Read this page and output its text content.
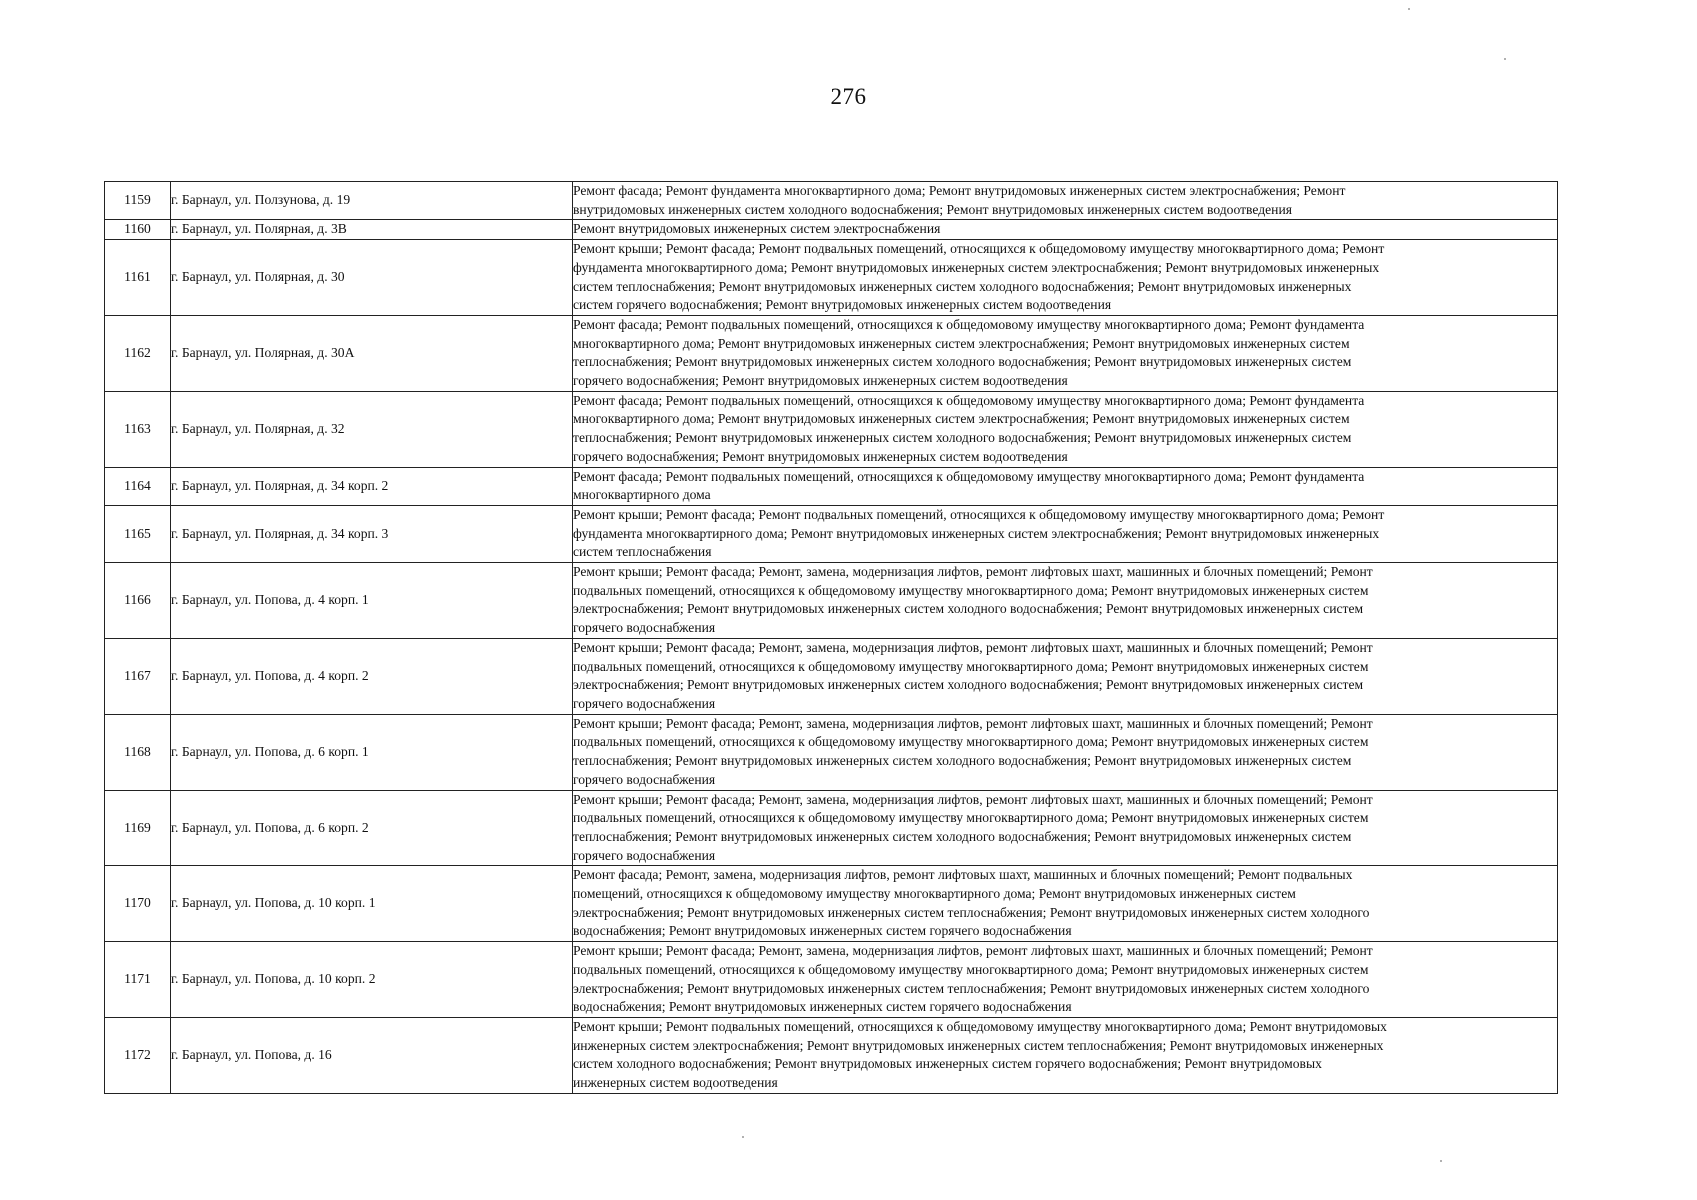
276
1159	г. Барнаул, ул. Ползунова, д. 19	Ремонт фасада; Ремонт фундамента многоквартирного дома; Ремонт внутридомовых инженерных систем электроснабжения; Ремонт
внутридомовых инженерных систем холодного водоснабжения; Ремонт внутридомовых инженерных систем водоотведения

1160	г. Барнаул, ул. Полярная, д. 3В	Ремонт внутридомовых инженерных систем электроснабжения

1161	г. Барнаул, ул. Полярная, д. 30	Ремонт крыши; Ремонт фасада; Ремонт подвальных помещений, относящихся к общедомовому имуществу многоквартирного дома; Ремонт
фундамента многоквартирного дома; Ремонт внутридомовых инженерных систем электроснабжения; Ремонт внутридомовых инженерных
систем теплоснабжения; Ремонт внутридомовых инженерных систем холодного водоснабжения; Ремонт внутридомовых инженерных
систем горячего водоснабжения; Ремонт внутридомовых инженерных систем водоотведения

1162	г. Барнаул, ул. Полярная, д. 30А	Ремонт фасада; Ремонт подвальных помещений, относящихся к общедомовому имуществу многоквартирного дома; Ремонт фундамента
многоквартирного дома; Ремонт внутридомовых инженерных систем электроснабжения; Ремонт внутридомовых инженерных систем
теплоснабжения; Ремонт внутридомовых инженерных систем холодного водоснабжения; Ремонт внутридомовых инженерных систем
горячего водоснабжения; Ремонт внутридомовых инженерных систем водоотведения

1163	г. Барнаул, ул. Полярная, д. 32	Ремонт фасада; Ремонт подвальных помещений, относящихся к общедомовому имуществу многоквартирного дома; Ремонт фундамента
многоквартирного дома; Ремонт внутридомовых инженерных систем электроснабжения; Ремонт внутридомовых инженерных систем
теплоснабжения; Ремонт внутридомовых инженерных систем холодного водоснабжения; Ремонт внутридомовых инженерных систем
горячего водоснабжения; Ремонт внутридомовых инженерных систем водоотведения

1164	г. Барнаул, ул. Полярная, д. 34 корп. 2	Ремонт фасада; Ремонт подвальных помещений, относящихся к общедомовому имуществу многоквартирного дома; Ремонт фундамента
многоквартирного дома

1165	г. Барнаул, ул. Полярная, д. 34 корп. 3	Ремонт крыши; Ремонт фасада; Ремонт подвальных помещений, относящихся к общедомовому имуществу многоквартирного дома; Ремонт
фундамента многоквартирного дома; Ремонт внутридомовых инженерных систем электроснабжения; Ремонт внутридомовых инженерных
систем теплоснабжения

1166	г. Барнаул, ул. Попова, д. 4 корп. 1	Ремонт крыши; Ремонт фасада; Ремонт, замена, модернизация лифтов, ремонт лифтовых шахт, машинных и блочных помещений; Ремонт
подвальных помещений, относящихся к общедомовому имуществу многоквартирного дома; Ремонт внутридомовых инженерных систем
электроснабжения; Ремонт внутридомовых инженерных систем холодного водоснабжения; Ремонт внутридомовых инженерных систем
горячего водоснабжения

1167	г. Барнаул, ул. Попова, д. 4 корп. 2	Ремонт крыши; Ремонт фасада; Ремонт, замена, модернизация лифтов, ремонт лифтовых шахт, машинных и блочных помещений; Ремонт
подвальных помещений, относящихся к общедомовому имуществу многоквартирного дома; Ремонт внутридомовых инженерных систем
электроснабжения; Ремонт внутридомовых инженерных систем холодного водоснабжения; Ремонт внутридомовых инженерных систем
горячего водоснабжения

1168	г. Барнаул, ул. Попова, д. 6 корп. 1	Ремонт крыши; Ремонт фасада; Ремонт, замена, модернизация лифтов, ремонт лифтовых шахт, машинных и блочных помещений; Ремонт
подвальных помещений, относящихся к общедомовому имуществу многоквартирного дома; Ремонт внутридомовых инженерных систем
теплоснабжения; Ремонт внутридомовых инженерных систем холодного водоснабжения; Ремонт внутридомовых инженерных систем
горячего водоснабжения

1169	г. Барнаул, ул. Попова, д. 6 корп. 2	Ремонт крыши; Ремонт фасада; Ремонт, замена, модернизация лифтов, ремонт лифтовых шахт, машинных и блочных помещений; Ремонт
подвальных помещений, относящихся к общедомовому имуществу многоквартирного дома; Ремонт внутридомовых инженерных систем
теплоснабжения; Ремонт внутридомовых инженерных систем холодного водоснабжения; Ремонт внутридомовых инженерных систем
горячего водоснабжения

1170	г. Барнаул, ул. Попова, д. 10 корп. 1	Ремонт фасада; Ремонт, замена, модернизация лифтов, ремонт лифтовых шахт, машинных и блочных помещений; Ремонт подвальных
помещений, относящихся к общедомовому имуществу многоквартирного дома; Ремонт внутридомовых инженерных систем
электроснабжения; Ремонт внутридомовых инженерных систем теплоснабжения; Ремонт внутридомовых инженерных систем холодного
водоснабжения; Ремонт внутридомовых инженерных систем горячего водоснабжения

1171	г. Барнаул, ул. Попова, д. 10 корп. 2	Ремонт крыши; Ремонт фасада; Ремонт, замена, модернизация лифтов, ремонт лифтовых шахт, машинных и блочных помещений; Ремонт
подвальных помещений, относящихся к общедомовому имуществу многоквартирного дома; Ремонт внутридомовых инженерных систем
электроснабжения; Ремонт внутридомовых инженерных систем теплоснабжения; Ремонт внутридомовых инженерных систем холодного
водоснабжения; Ремонт внутридомовых инженерных систем горячего водоснабжения

1172	г. Барнаул, ул. Попова, д. 16	Ремонт крыши; Ремонт подвальных помещений, относящихся к общедомовому имуществу многоквартирного дома; Ремонт внутридомовых
инженерных систем электроснабжения; Ремонт внутридомовых инженерных систем теплоснабжения; Ремонт внутридомовых инженерных
систем холодного водоснабжения; Ремонт внутридомовых инженерных систем горячего водоснабжения; Ремонт внутридомовых
инженерных систем водоотведения
